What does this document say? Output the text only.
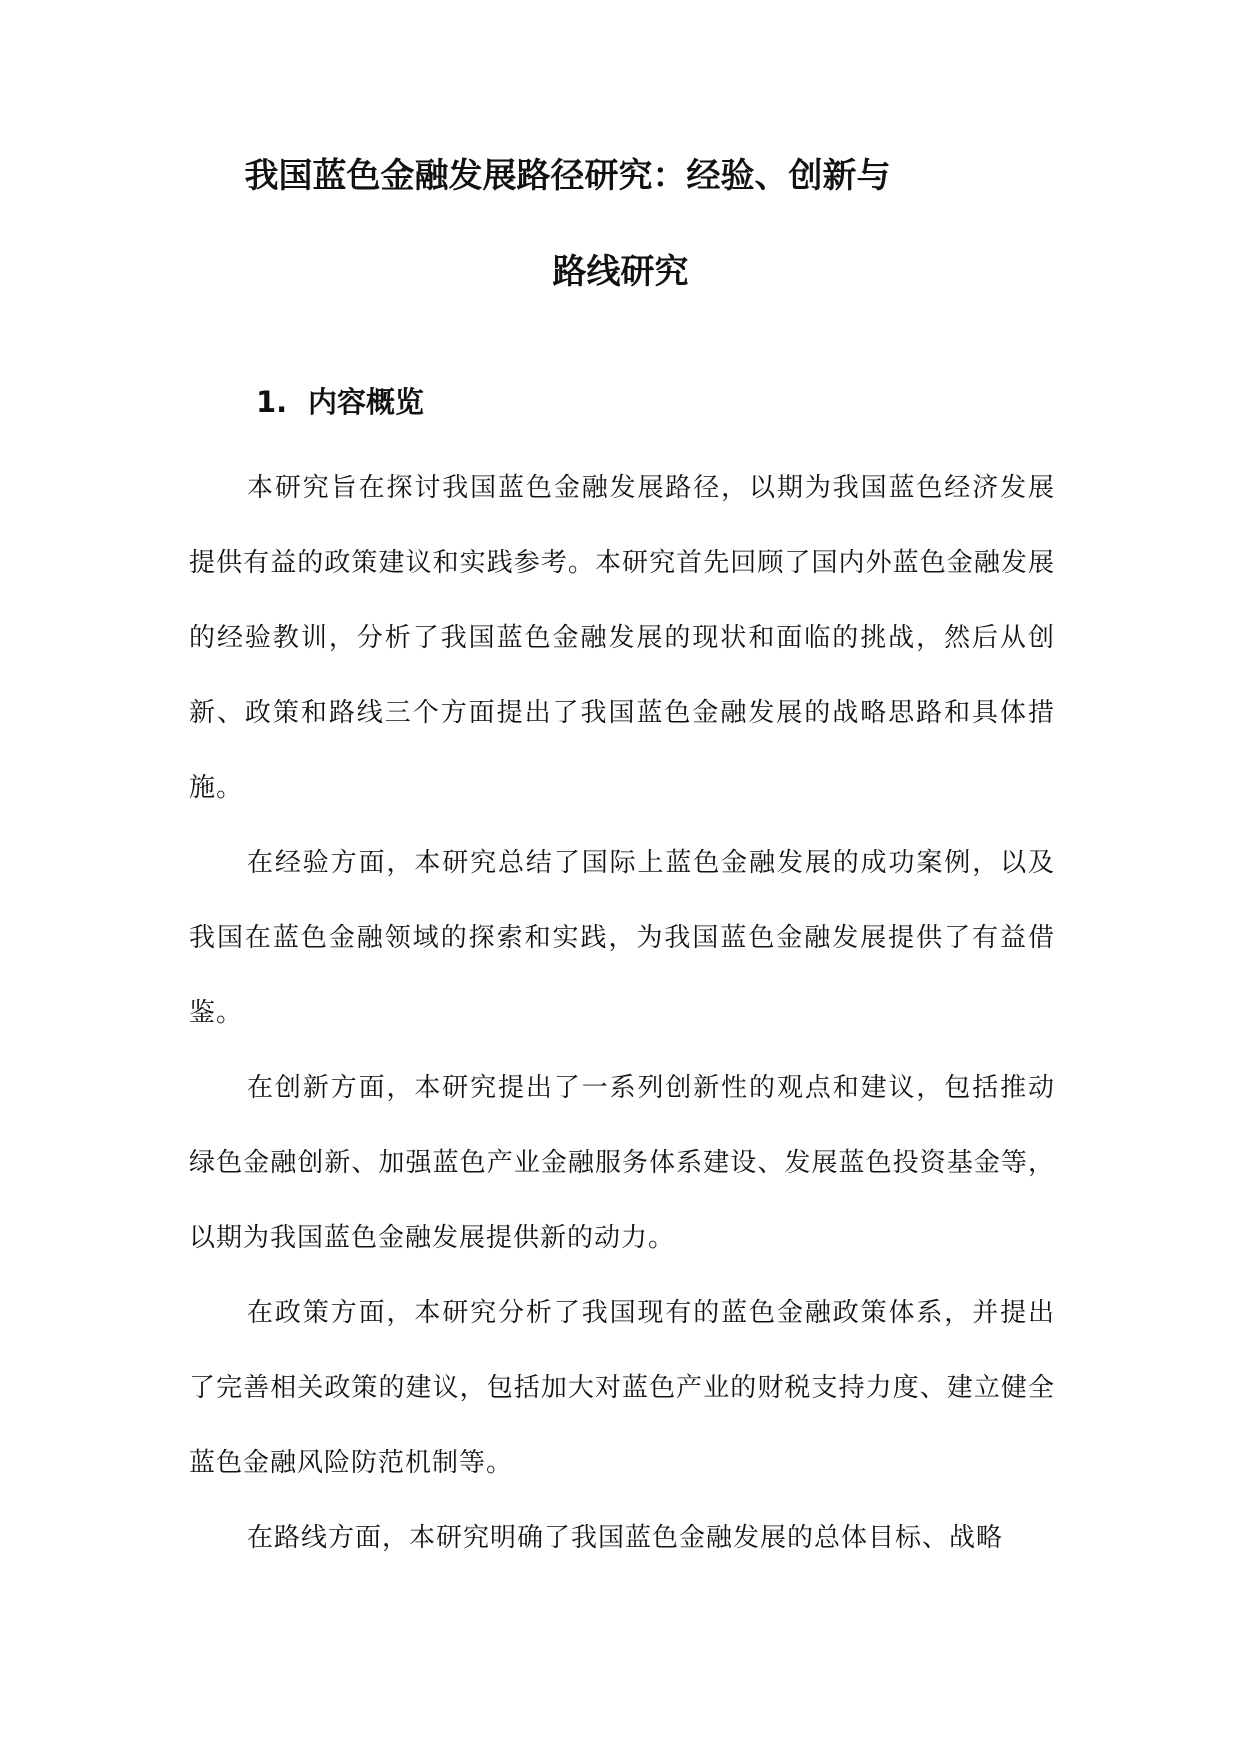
我国蓝色金融发展路径研究：经验、创新与
路线研究
1. 内容概览

本研究旨在探讨我国蓝色金融发展路径，以期为我国蓝色经济发展提供有益的政策建议和实践参考。本研究首先回顾了国内外蓝色金融发展的经验教训，分析了我国蓝色金融发展的现状和面临的挑战，然后从创新、政策和路线三个方面提出了我国蓝色金融发展的战略思路和具体措施。

在经验方面，本研究总结了国际上蓝色金融发展的成功案例，以及我国在蓝色金融领域的探索和实践，为我国蓝色金融发展提供了有益借鉴。

在创新方面，本研究提出了一系列创新性的观点和建议，包括推动绿色金融创新、加强蓝色产业金融服务体系建设、发展蓝色投资基金等，以期为我国蓝色金融发展提供新的动力。

在政策方面，本研究分析了我国现有的蓝色金融政策体系，并提出了完善相关政策的建议，包括加大对蓝色产业的财税支持力度、建立健全蓝色金融风险防范机制等。

在路线方面，本研究明确了我国蓝色金融发展的总体目标、战略
